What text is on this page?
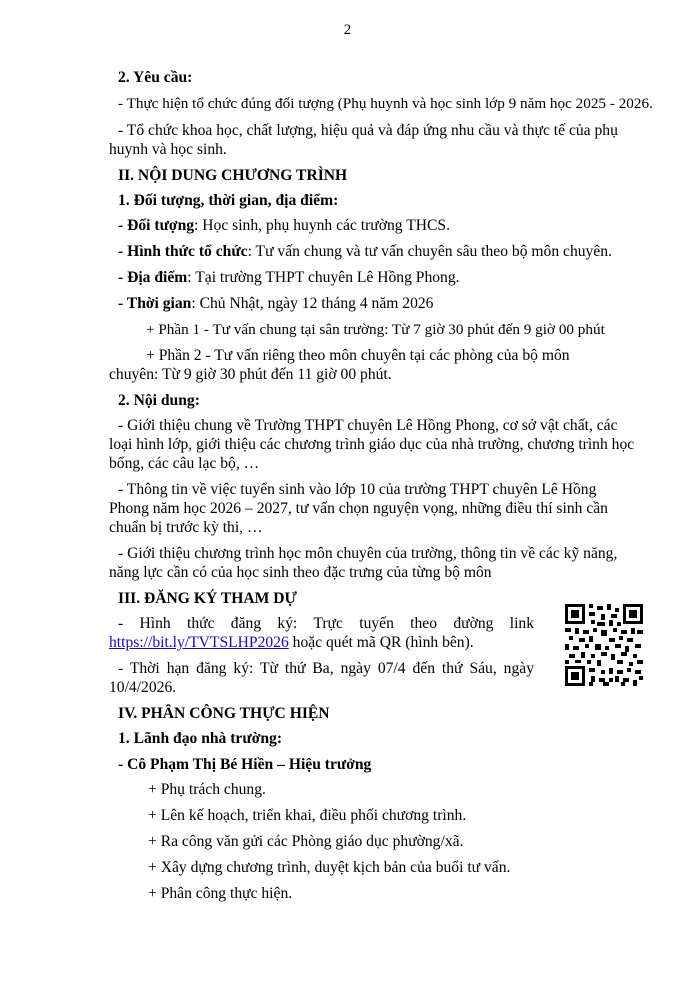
2
2. Yêu cầu:
- Thực hiện tổ chức đúng đối tượng (Phụ huynh và học sinh lớp 9 năm học 2025 - 2026.
- Tổ chức khoa học, chất lượng, hiệu quả và đáp ứng nhu cầu và thực tế của phụ
huynh và học sinh.
II. NỘI DUNG CHƯƠNG TRÌNH
1. Đối tượng, thời gian, địa điểm:
- Đối tượng: Học sinh, phụ huynh các trường THCS.
- Hình thức tổ chức: Tư vấn chung và tư vấn chuyên sâu theo bộ môn chuyên.
- Địa điểm: Tại trường THPT chuyên Lê Hồng Phong.
- Thời gian: Chủ Nhật, ngày 12 tháng 4 năm 2026
+ Phần 1 - Tư vấn chung tại sân trường: Từ 7 giờ 30 phút đến 9 giờ 00 phút
+ Phần 2 - Tư vấn riêng theo môn chuyên tại các phòng của bộ môn
chuyên: Từ 9 giờ 30 phút đến 11 giờ 00 phút.
2. Nội dung:
- Giới thiệu chung về Trường THPT chuyên Lê Hồng Phong, cơ sở vật chất, các
loại hình lớp, giới thiệu các chương trình giáo dục của nhà trường, chương trình học
bổng, các câu lạc bộ, …
- Thông tin về việc tuyển sinh vào lớp 10 của trường THPT chuyên Lê Hồng
Phong năm học 2026 – 2027, tư vấn chọn nguyện vọng, những điều thí sinh cần
chuẩn bị trước kỳ thi, …
- Giới thiệu chương trình học môn chuyên của trường, thông tin về các kỹ năng,
năng lực cần có của học sinh theo đặc trưng của từng bộ môn
III. ĐĂNG KÝ THAM DỰ
- Hình thức đăng ký: Trực tuyến theo đường link
https://bit.ly/TVTSLHP2026 hoặc quét mã QR (hình bên).
- Thời hạn đăng ký: Từ thứ Ba, ngày 07/4 đến thứ Sáu, ngày
10/4/2026.
IV. PHÂN CÔNG THỰC HIỆN
1. Lãnh đạo nhà trường:
- Cô Phạm Thị Bé Hiền – Hiệu trưởng
+ Phụ trách chung.
+ Lên kế hoạch, triển khai, điều phối chương trình.
+ Ra công văn gửi các Phòng giáo dục phường/xã.
+ Xây dựng chương trình, duyệt kịch bản của buổi tư vấn.
+ Phân công thực hiện.
